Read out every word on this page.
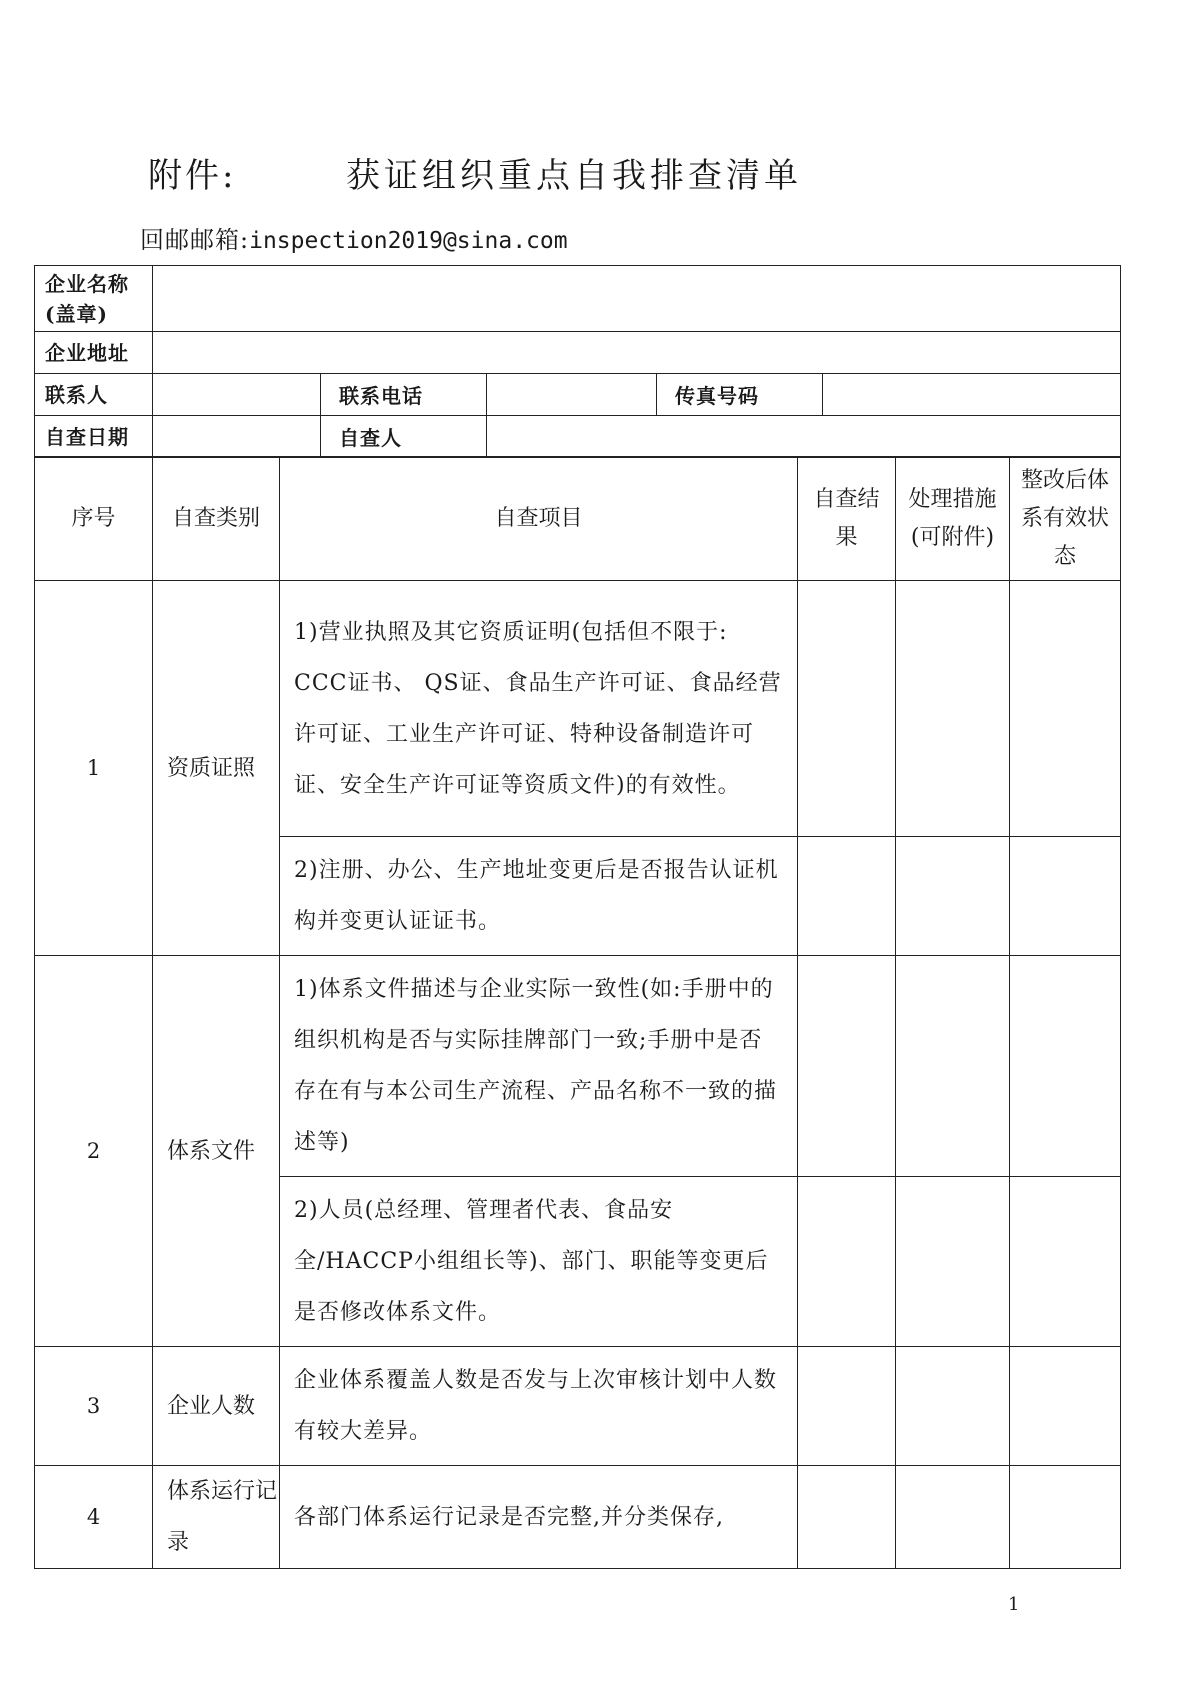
附件:	获证组织重点自我排查清单
回邮邮箱:inspection2019@sina.com
企业名称
(盖章)					

企业地址					
联系人		联系电话		传真号码	
自查日期		自查人			
序号	自查类别	自查项目	自查结果	处理措施(可附件)	整改后体系有效状态
1	资质证照	1)营业执照及其它资质证明(包括但不限于: CCC证书、 QS证、食品生产许可证、食品经营许可证、工业生产许可证、特种设备制造许可证、安全生产许可证等资质文件)的有效性。			
		2)注册、办公、生产地址变更后是否报告认证机构并变更认证证书。			
2	体系文件	1)体系文件描述与企业实际一致性(如:手册中的组织机构是否与实际挂牌部门一致;手册中是否存在有与本公司生产流程、产品名称不一致的描述等)			
		2)人员(总经理、管理者代表、食品安全/HACCP小组组长等)、部门、职能等变更后是否修改体系文件。			
3	企业人数	企业体系覆盖人数是否发与上次审核计划中人数有较大差异。			
4	体系运行记录	各部门体系运行记录是否完整,并分类保存,			
1
